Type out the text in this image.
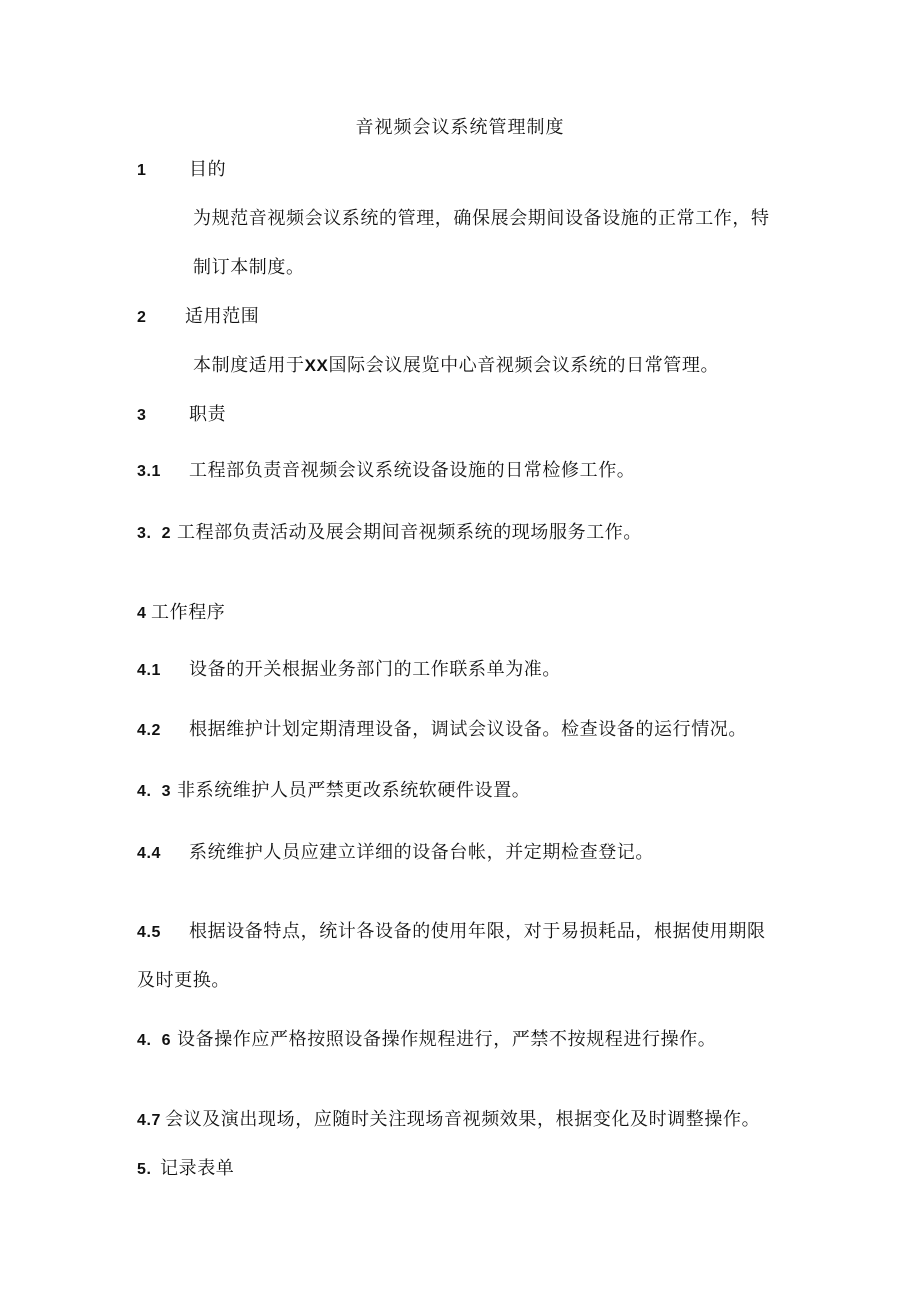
音视频会议系统管理制度
1 目的
为规范音视频会议系统的管理，确保展会期间设备设施的正常工作，特
制订本制度。
2 适用范围
本制度适用于XX国际会议展览中心音视频会议系统的日常管理。
3 职责
3.1 工程部负责音视频会议系统设备设施的日常检修工作。
3.  2 工程部负责活动及展会期间音视频系统的现场服务工作。
4 工作程序
4.1 设备的开关根据业务部门的工作联系单为准。
4.2 根据维护计划定期清理设备，调试会议设备。检查设备的运行情况。
4.  3 非系统维护人员严禁更改系统软硬件设置。
4.4 系统维护人员应建立详细的设备台帐，并定期检查登记。
4.5 根据设备特点，统计各设备的使用年限，对于易损耗品，根据使用期限
及时更换。
4.  6 设备操作应严格按照设备操作规程进行，严禁不按规程进行操作。
4.7 会议及演出现场，应随时关注现场音视频效果，根据变化及时调整操作。
5. 记录表单
